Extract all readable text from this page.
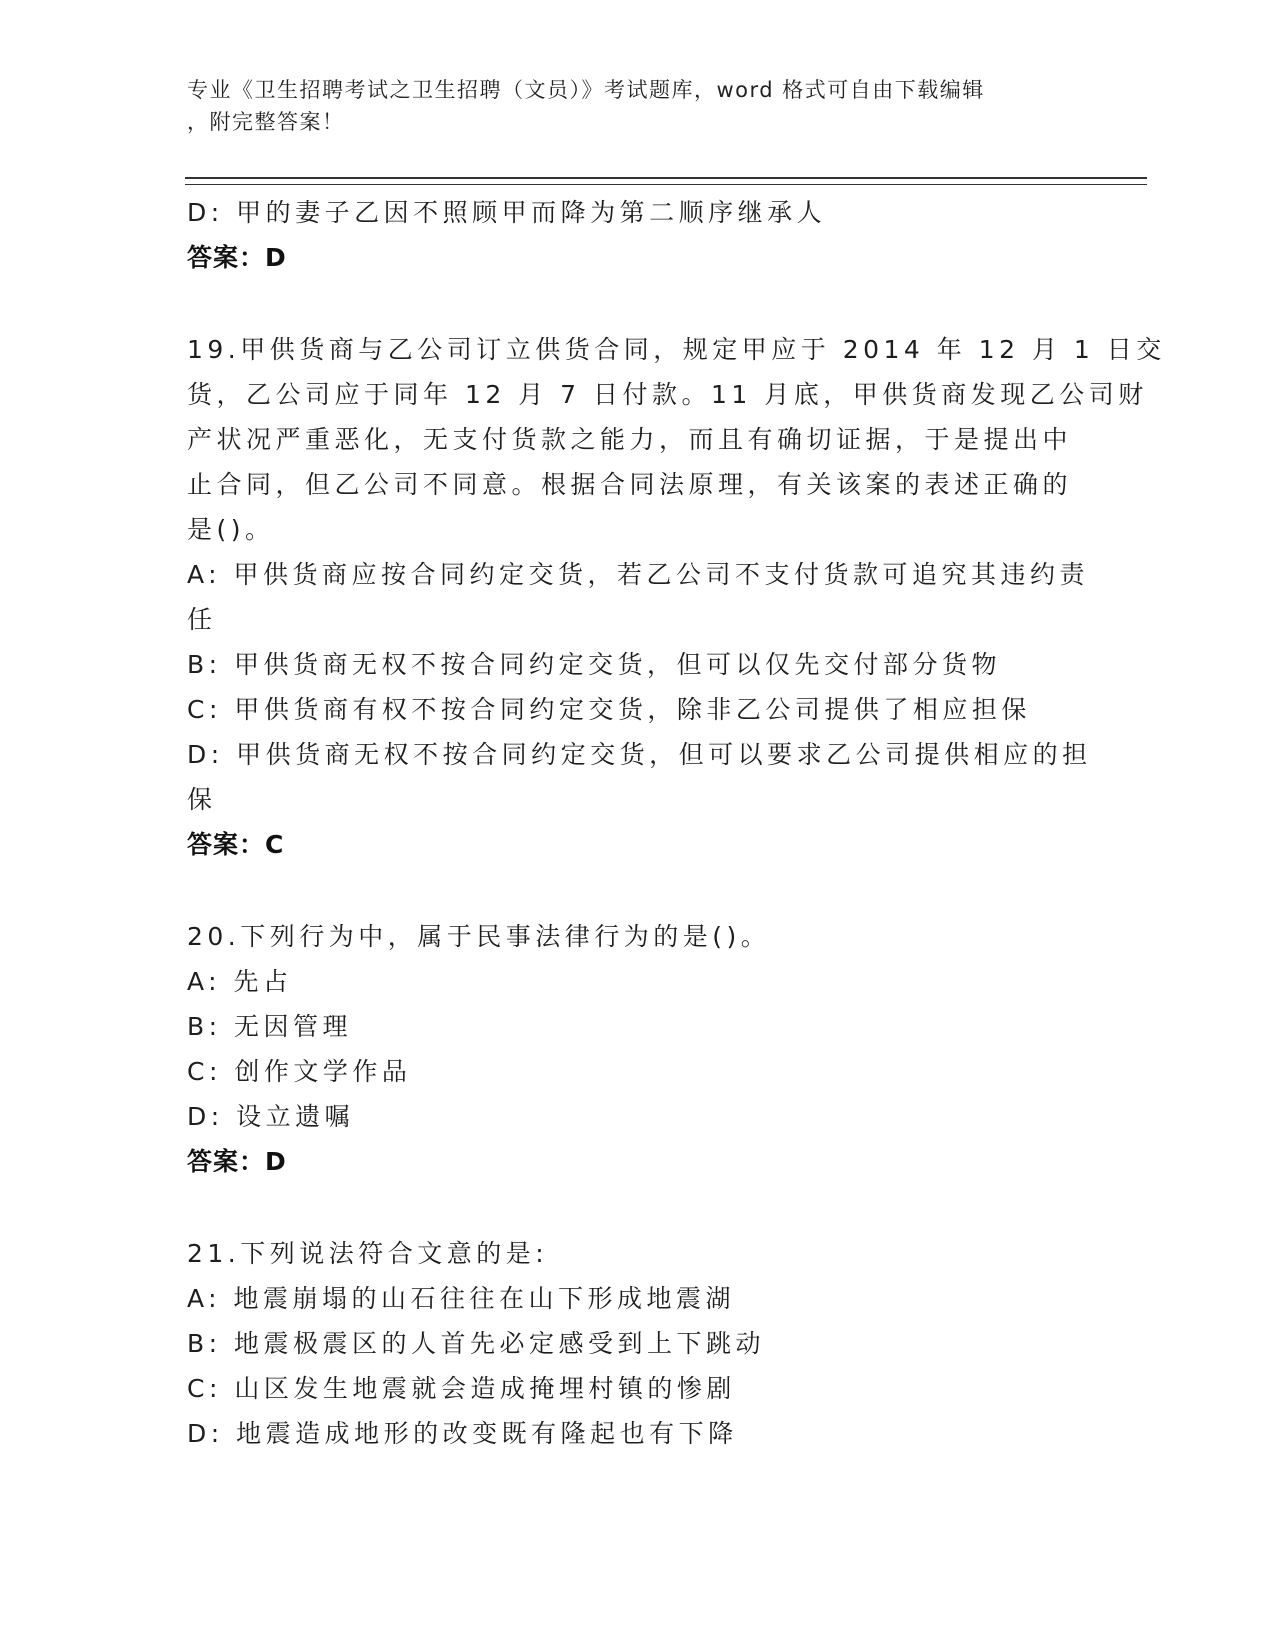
专业《卫生招聘考试之卫生招聘（文员）》考试题库，word 格式可自由下载编辑
，附完整答案！
D: 甲的妻子乙因不照顾甲而降为第二顺序继承人
答案：D
19.甲供货商与乙公司订立供货合同，规定甲应于 2014 年 12 月 1 日交
货，乙公司应于同年 12 月 7 日付款。11 月底，甲供货商发现乙公司财
产状况严重恶化，无支付货款之能力，而且有确切证据，于是提出中
止合同，但乙公司不同意。根据合同法原理，有关该案的表述正确的
是()。
A: 甲供货商应按合同约定交货，若乙公司不支付货款可追究其违约责
任
B: 甲供货商无权不按合同约定交货，但可以仅先交付部分货物
C: 甲供货商有权不按合同约定交货，除非乙公司提供了相应担保
D: 甲供货商无权不按合同约定交货，但可以要求乙公司提供相应的担
保
答案：C
20.下列行为中，属于民事法律行为的是()。
A: 先占
B: 无因管理
C: 创作文学作品
D: 设立遗嘱
答案：D
21.下列说法符合文意的是:
A: 地震崩塌的山石往往在山下形成地震湖
B: 地震极震区的人首先必定感受到上下跳动
C: 山区发生地震就会造成掩埋村镇的惨剧
D: 地震造成地形的改变既有隆起也有下降
